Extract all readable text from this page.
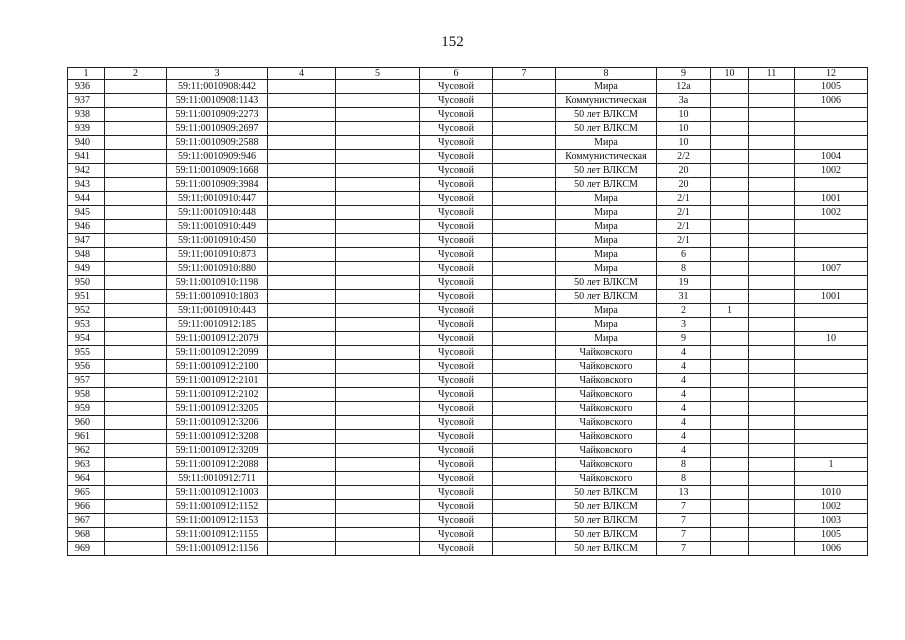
152
1	2	3	4	5	6	7	8	9	10	11	12
936		59:11:0010908:442			Чусовой		Мира	12а			1005
937		59:11:0010908:1143			Чусовой		Коммунистическая	3а			1006
938		59:11:0010909:2273			Чусовой		50 лет ВЛКСМ	10			
939		59:11:0010909:2697			Чусовой		50 лет ВЛКСМ	10			
940		59:11:0010909:2588			Чусовой		Мира	10			
941		59:11:0010909:946			Чусовой		Коммунистическая	2/2			1004
942		59:11:0010909:1668			Чусовой		50 лет ВЛКСМ	20			1002
943		59:11:0010909:3984			Чусовой		50 лет ВЛКСМ	20			
944		59:11:0010910:447			Чусовой		Мира	2/1			1001
945		59:11:0010910:448			Чусовой		Мира	2/1			1002
946		59:11:0010910:449			Чусовой		Мира	2/1			
947		59:11:0010910:450			Чусовой		Мира	2/1			
948		59:11:0010910:873			Чусовой		Мира	6			
949		59:11:0010910:880			Чусовой		Мира	8			1007
950		59:11:0010910:1198			Чусовой		50 лет ВЛКСМ	19			
951		59:11:0010910:1803			Чусовой		50 лет ВЛКСМ	31			1001
952		59:11:0010910:443			Чусовой		Мира	2	1		
953		59:11:0010912:185			Чусовой		Мира	3			
954		59:11:0010912:2079			Чусовой		Мира	9			10
955		59:11:0010912:2099			Чусовой		Чайковского	4			
956		59:11:0010912:2100			Чусовой		Чайковского	4			
957		59:11:0010912:2101			Чусовой		Чайковского	4			
958		59:11:0010912:2102			Чусовой		Чайковского	4			
959		59:11:0010912:3205			Чусовой		Чайковского	4			
960		59:11:0010912:3206			Чусовой		Чайковского	4			
961		59:11:0010912:3208			Чусовой		Чайковского	4			
962		59:11:0010912:3209			Чусовой		Чайковского	4			
963		59:11:0010912:2088			Чусовой		Чайковского	8			1
964		59:11:0010912:711			Чусовой		Чайковского	8			
965		59:11:0010912:1003			Чусовой		50 лет ВЛКСМ	13			1010
966		59:11:0010912:1152			Чусовой		50 лет ВЛКСМ	7			1002
967		59:11:0010912:1153			Чусовой		50 лет ВЛКСМ	7			1003
968		59:11:0010912:1155			Чусовой		50 лет ВЛКСМ	7			1005
969		59:11:0010912:1156			Чусовой		50 лет ВЛКСМ	7			1006
